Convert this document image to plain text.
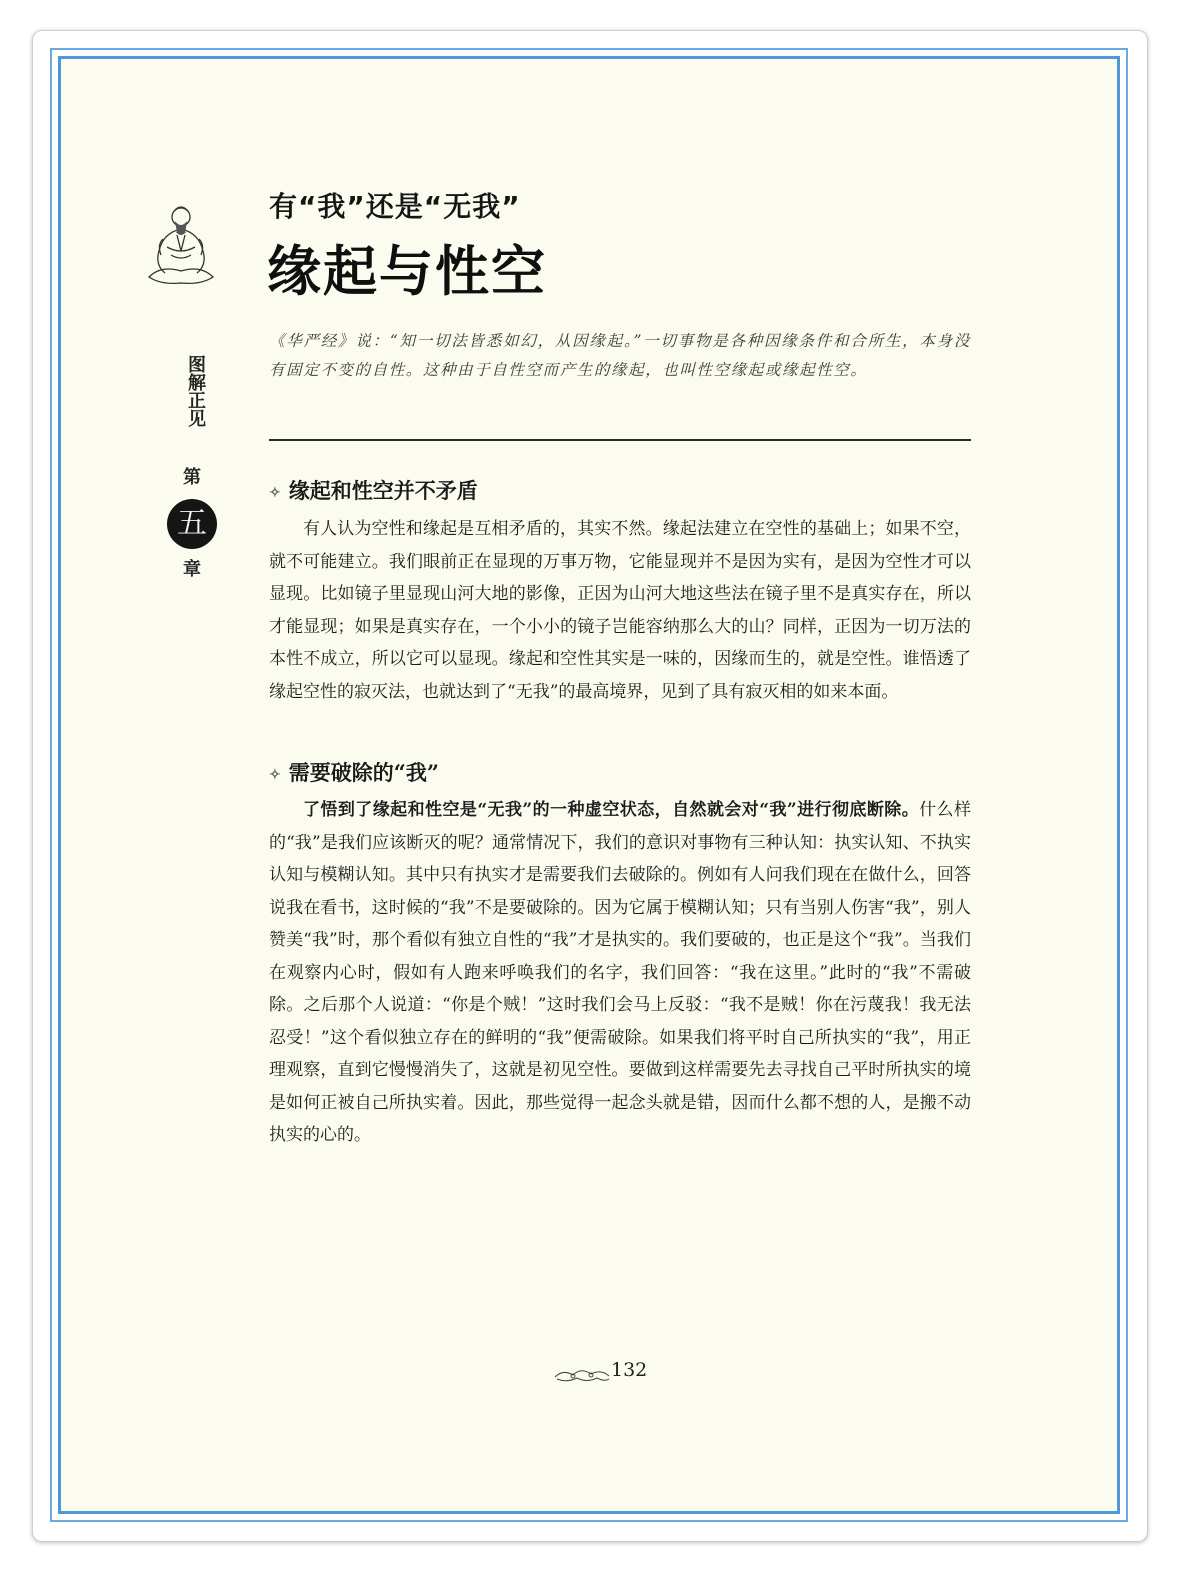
图解正见
第
五
章
有“我”还是“无我”
缘起与性空
《华严经》说：“知一切法皆悉如幻，从因缘起。”一切事物是各种因缘条件和合所生，本身没有固定不变的自性。这种由于自性空而产生的缘起，也叫性空缘起或缘起性空。
✧ 缘起和性空并不矛盾
有人认为空性和缘起是互相矛盾的，其实不然。缘起法建立在空性的基础上；如果不空，就不可能建立。我们眼前正在显现的万事万物，它能显现并不是因为实有，是因为空性才可以显现。比如镜子里显现山河大地的影像，正因为山河大地这些法在镜子里不是真实存在，所以才能显现；如果是真实存在，一个小小的镜子岂能容纳那么大的山？同样，正因为一切万法的本性不成立，所以它可以显现。缘起和空性其实是一味的，因缘而生的，就是空性。谁悟透了缘起空性的寂灭法，也就达到了“无我”的最高境界，见到了具有寂灭相的如来本面。
✧ 需要破除的“我”
了悟到了缘起和性空是“无我”的一种虚空状态，自然就会对“我”进行彻底断除。什么样的“我”是我们应该断灭的呢？通常情况下，我们的意识对事物有三种认知：执实认知、不执实认知与模糊认知。其中只有执实才是需要我们去破除的。例如有人问我们现在在做什么，回答说我在看书，这时候的“我”不是要破除的。因为它属于模糊认知；只有当别人伤害“我”，别人赞美“我”时，那个看似有独立自性的“我”才是执实的。我们要破的，也正是这个“我”。当我们在观察内心时，假如有人跑来呼唤我们的名字，我们回答：“我在这里。”此时的“我”不需破除。之后那个人说道：“你是个贼！”这时我们会马上反驳：“我不是贼！你在污蔑我！我无法忍受！”这个看似独立存在的鲜明的“我”便需破除。如果我们将平时自己所执实的“我”，用正理观察，直到它慢慢消失了，这就是初见空性。要做到这样需要先去寻找自己平时所执实的境是如何正被自己所执实着。因此，那些觉得一起念头就是错，因而什么都不想的人，是搬不动执实的心的。
132
